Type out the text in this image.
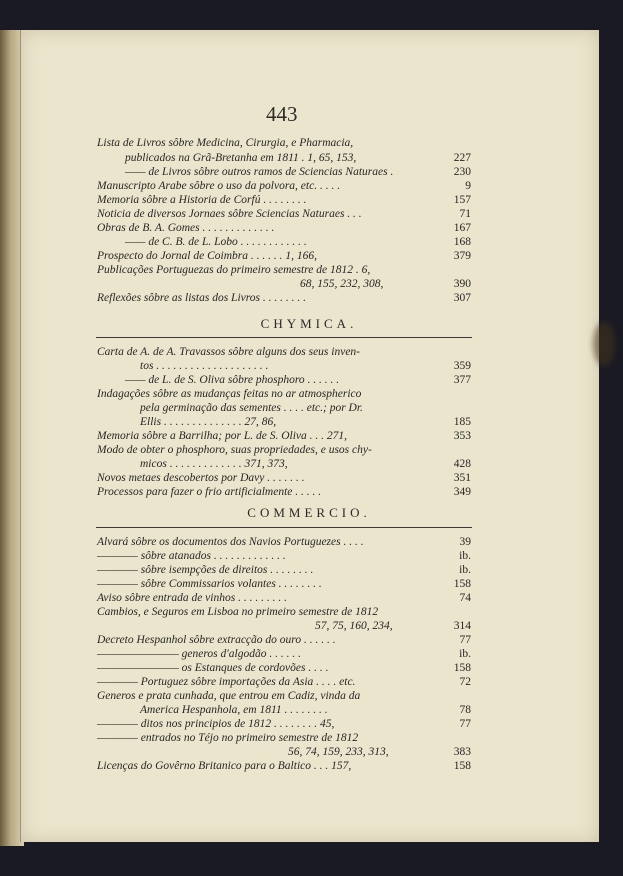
443
Lista de Livros sôbre Medicina, Cirurgia, e Pharmacia,
publicados na Grã-Bretanha em 1811 . 1, 65, 153,	227
—— de Livros sôbre outros ramos de Sciencias Naturaes .	230
Manuscripto Arabe sôbre o uso da polvora, etc. . . . .	9
Memoria sôbre a Historia de Corfú . . . . . . . .	157
Noticia de diversos Jornaes sôbre Sciencias Naturaes . . .	71
Obras de B. A. Gomes . . . . . . . . . . . . .	167
—— de C. B. de L. Lobo . . . . . . . . . . . .	168
Prospecto do Jornal de Coimbra . . . . . . 1, 166,	379
Publicações Portuguezas do primeiro semestre de 1812 . 6,
68, 155, 232, 308,	390
Reflexões sôbre as listas dos Livros . . . . . . . .	307
CHYMICA.
Carta de A. de A. Travassos sôbre alguns dos seus inven-
tos . . . . . . . . . . . . . . . . . . . .	359
—— de L. de S. Oliva sôbre phosphoro . . . . . .	377
Indagações sôbre as mudanças feitas no ar atmospherico
pela germinação das sementes . . . . etc.; por Dr.
Ellis . . . . . . . . . . . . . . 27, 86,	185
Memoria sôbre a Barrilha; por L. de S. Oliva . . . 271,	353
Modo de obter o phosphoro, suas propriedades, e usos chy-
micos . . . . . . . . . . . . . 371, 373,	428
Novos metaes descobertos por Davy . . . . . . .	351
Processos para fazer o frio artificialmente . . . . .	349
COMMERCIO.
Alvará sôbre os documentos dos Navios Portuguezes . . . .	39
———— sôbre atanados . . . . . . . . . . . . .	ib.
———— sôbre isempções de direitos . . . . . . . .	ib.
———— sôbre Commissarios volantes . . . . . . . .	158
Aviso sôbre entrada de vinhos . . . . . . . . .	74
Cambios, e Seguros em Lisboa no primeiro semestre de 1812
57, 75, 160, 234,	314
Decreto Hespanhol sôbre extracção do ouro . . . . . .	77
———————— generos d'algodão . . . . . .	ib.
———————— os Estanques de cordovões . . . .	158
———— Portuguez sôbre importações da Asia . . . . etc.	72
Generos e prata cunhada, que entrou em Cadiz, vinda da
America Hespanhola, em 1811 . . . . . . . .	78
———— ditos nos principios de 1812 . . . . . . . . 45,	77
———— entrados no Téjo no primeiro semestre de 1812
56, 74, 159, 233, 313,	383
Licenças do Govêrno Britanico para o Baltico . . . 157,	158
